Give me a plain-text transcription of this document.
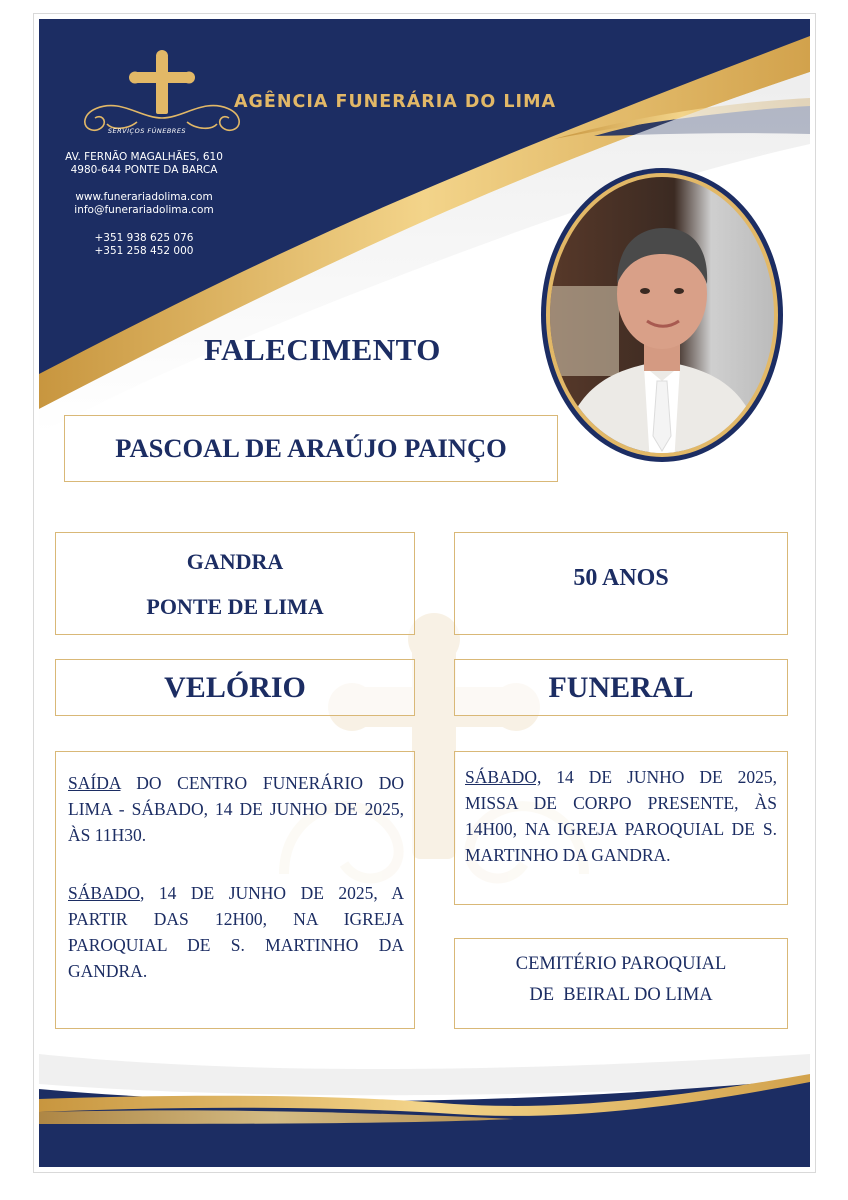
SERVIÇOS FÚNEBRES
AGÊNCIA FUNERÁRIA DO LIMA
AV. FERNÃO MAGALHÃES, 610
4980-644 PONTE DA BARCA
www.funerariadolima.com
info@funerariadolima.com
+351 938 625 076
+351 258 452 000
FALECIMENTO
PASCOAL DE ARAÚJO PAINÇO
GANDRA
PONTE DE LIMA
50 ANOS
VELÓRIO	FUNERAL

SAÍDA DO CENTRO FUNERÁRIO DO LIMA - SÁBADO, 14 DE JUNHO DE 2025, ÀS 11H30.

SÁBADO, 14 DE JUNHO DE 2025, A PARTIR DAS 12H00, NA IGREJA PAROQUIAL DE S. MARTINHO DA GANDRA.

SÁBADO, 14 DE JUNHO DE 2025, MISSA DE CORPO PRESENTE, ÀS 14H00, NA IGREJA PAROQUIAL DE S. MARTINHO DA GANDRA.

CEMITÉRIO PAROQUIAL
DE  BEIRAL DO LIMA
